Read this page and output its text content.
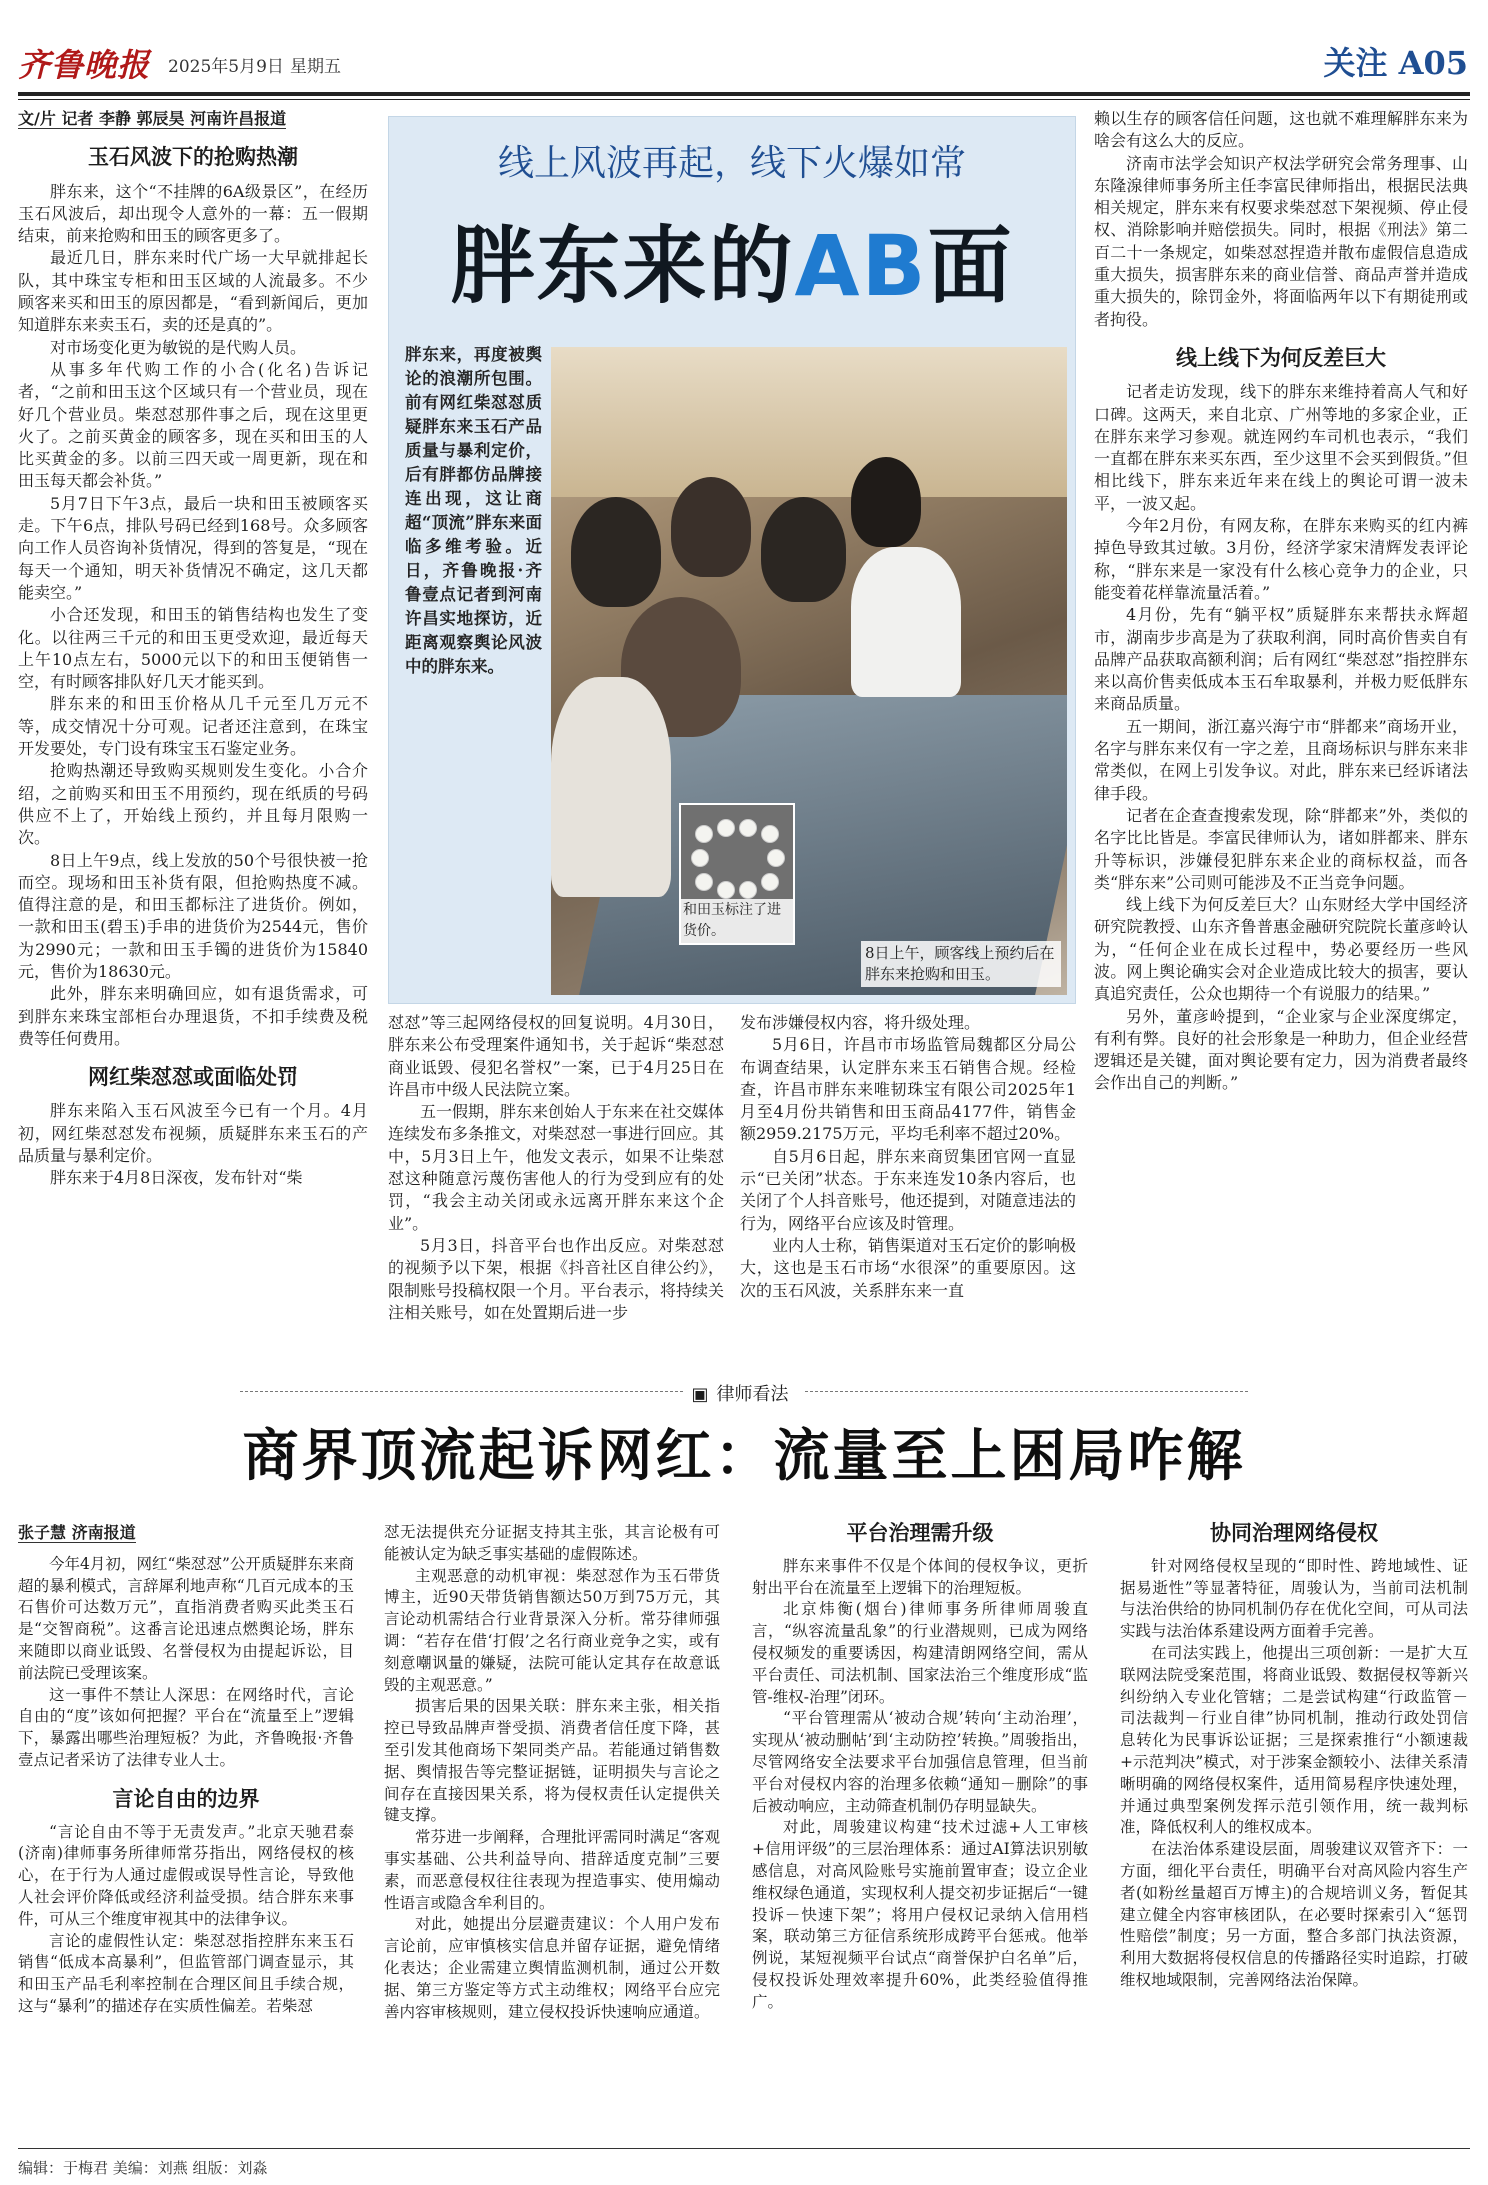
齐鲁晚报 2025年5月9日 星期五	关注 A05
文/片 记者 李静 郭辰昊 河南许昌报道
玉石风波下的抢购热潮

胖东来，这个“不挂牌的6A级景区”，在经历玉石风波后，却出现令人意外的一幕：五一假期结束，前来抢购和田玉的顾客更多了。

最近几日，胖东来时代广场一大早就排起长队，其中珠宝专柜和田玉区域的人流最多。不少顾客来买和田玉的原因都是，“看到新闻后，更加知道胖东来卖玉石，卖的还是真的”。

对市场变化更为敏锐的是代购人员。

从事多年代购工作的小合(化名)告诉记者，“之前和田玉这个区域只有一个营业员，现在好几个营业员。柴怼怼那件事之后，现在这里更火了。之前买黄金的顾客多，现在买和田玉的人比买黄金的多。以前三四天或一周更新，现在和田玉每天都会补货。”

5月7日下午3点，最后一块和田玉被顾客买走。下午6点，排队号码已经到168号。众多顾客向工作人员咨询补货情况，得到的答复是，“现在每天一个通知，明天补货情况不确定，这几天都能卖空。”

小合还发现，和田玉的销售结构也发生了变化。以往两三千元的和田玉更受欢迎，最近每天上午10点左右，5000元以下的和田玉便销售一空，有时顾客排队好几天才能买到。

胖东来的和田玉价格从几千元至几万元不等，成交情况十分可观。记者还注意到，在珠宝开发要处，专门设有珠宝玉石鉴定业务。

抢购热潮还导致购买规则发生变化。小合介绍，之前购买和田玉不用预约，现在纸质的号码供应不上了，开始线上预约，并且每月限购一次。

8日上午9点，线上发放的50个号很快被一抢而空。现场和田玉补货有限，但抢购热度不减。值得注意的是，和田玉都标注了进货价。例如，一款和田玉(碧玉)手串的进货价为2544元，售价为2990元；一款和田玉手镯的进货价为15840元，售价为18630元。

此外，胖东来明确回应，如有退货需求，可到胖东来珠宝部柜台办理退货，不扣手续费及税费等任何费用。

网红柴怼怼或面临处罚

胖东来陷入玉石风波至今已有一个月。4月初，网红柴怼怼发布视频，质疑胖东来玉石的产品质量与暴利定价。

胖东来于4月8日深夜，发布针对“柴

线上风波再起，线下火爆如常
胖东来的AB面
胖东来，再度被舆论的浪潮所包围。前有网红柴怼怼质疑胖东来玉石产品质量与暴利定价，后有胖都仿品牌接连出现，这让商超“顶流”胖东来面临多维考验。近日，齐鲁晚报·齐鲁壹点记者到河南许昌实地探访，近距离观察舆论风波中的胖东来。
8日上午，顾客线上预约后在胖东来抢购和田玉。
和田玉标注了进货价。

怼怼”等三起网络侵权的回复说明。4月30日，胖东来公布受理案件通知书，关于起诉“柴怼怼商业诋毁、侵犯名誉权”一案，已于4月25日在许昌市中级人民法院立案。

五一假期，胖东来创始人于东来在社交媒体连续发布多条推文，对柴怼怼一事进行回应。其中，5月3日上午，他发文表示，如果不让柴怼怼这种随意污蔑伤害他人的行为受到应有的处罚，“我会主动关闭或永远离开胖东来这个企业”。

5月3日，抖音平台也作出反应。对柴怼怼的视频予以下架，根据《抖音社区自律公约》，限制账号投稿权限一个月。平台表示，将持续关注相关账号，如在处置期后进一步

发布涉嫌侵权内容，将升级处理。

5月6日，许昌市市场监管局魏都区分局公布调查结果，认定胖东来玉石销售合规。经检查，许昌市胖东来唯韧珠宝有限公司2025年1月至4月份共销售和田玉商品4177件，销售金额2959.2175万元，平均毛利率不超过20%。

自5月6日起，胖东来商贸集团官网一直显示“已关闭”状态。于东来连发10条内容后，也关闭了个人抖音账号，他还提到，对随意违法的行为，网络平台应该及时管理。

业内人士称，销售渠道对玉石定价的影响极大，这也是玉石市场“水很深”的重要原因。这次的玉石风波，关系胖东来一直

赖以生存的顾客信任问题，这也就不难理解胖东来为啥会有这么大的反应。

济南市法学会知识产权法学研究会常务理事、山东隆湶律师事务所主任李富民律师指出，根据民法典相关规定，胖东来有权要求柴怼怼下架视频、停止侵权、消除影响并赔偿损失。同时，根据《刑法》第二百二十一条规定，如柴怼怼捏造并散布虚假信息造成重大损失，损害胖东来的商业信誉、商品声誉并造成重大损失的，除罚金外，将面临两年以下有期徒刑或者拘役。

线上线下为何反差巨大

记者走访发现，线下的胖东来维持着高人气和好口碑。这两天，来自北京、广州等地的多家企业，正在胖东来学习参观。就连网约车司机也表示，“我们一直都在胖东来买东西，至少这里不会买到假货。”但相比线下，胖东来近年来在线上的舆论可谓一波未平，一波又起。

今年2月份，有网友称，在胖东来购买的红内裤掉色导致其过敏。3月份，经济学家宋清辉发表评论称，“胖东来是一家没有什么核心竞争力的企业，只能变着花样靠流量活着。”

4月份，先有“躺平权”质疑胖东来帮扶永辉超市，湖南步步高是为了获取利润，同时高价售卖自有品牌产品获取高额利润；后有网红“柴怼怼”指控胖东来以高价售卖低成本玉石牟取暴利，并极力贬低胖东来商品质量。

五一期间，浙江嘉兴海宁市“胖都来”商场开业，名字与胖东来仅有一字之差，且商场标识与胖东来非常类似，在网上引发争议。对此，胖东来已经诉诸法律手段。

记者在企查查搜索发现，除“胖都来”外，类似的名字比比皆是。李富民律师认为，诸如胖都来、胖东升等标识，涉嫌侵犯胖东来企业的商标权益，而各类“胖东来”公司则可能涉及不正当竞争问题。

线上线下为何反差巨大？山东财经大学中国经济研究院教授、山东齐鲁普惠金融研究院院长董彦岭认为，“任何企业在成长过程中，势必要经历一些风波。网上舆论确实会对企业造成比较大的损害，要认真追究责任，公众也期待一个有说服力的结果。”

另外，董彦岭提到，“企业家与企业深度绑定，有利有弊。良好的社会形象是一种助力，但企业经营逻辑还是关键，面对舆论要有定力，因为消费者最终会作出自己的判断。”

▣ 律师看法
商界顶流起诉网红：流量至上困局咋解
张子慧 济南报道

今年4月初，网红“柴怼怼”公开质疑胖东来商超的暴利模式，言辞犀利地声称“几百元成本的玉石售价可达数万元”，直指消费者购买此类玉石是“交智商税”。这番言论迅速点燃舆论场，胖东来随即以商业诋毁、名誉侵权为由提起诉讼，目前法院已受理该案。

这一事件不禁让人深思：在网络时代，言论自由的“度”该如何把握？平台在“流量至上”逻辑下，暴露出哪些治理短板？为此，齐鲁晚报·齐鲁壹点记者采访了法律专业人士。

言论自由的边界

“言论自由不等于无责发声。”北京天驰君泰(济南)律师事务所律师常芬指出，网络侵权的核心，在于行为人通过虚假或误导性言论，导致他人社会评价降低或经济利益受损。结合胖东来事件，可从三个维度审视其中的法律争议。

言论的虚假性认定：柴怼怼指控胖东来玉石销售“低成本高暴利”，但监管部门调查显示，其和田玉产品毛利率控制在合理区间且手续合规，这与“暴利”的描述存在实质性偏差。若柴怼

怼无法提供充分证据支持其主张，其言论极有可能被认定为缺乏事实基础的虚假陈述。

主观恶意的动机审视：柴怼怼作为玉石带货博主，近90天带货销售额达50万到75万元，其言论动机需结合行业背景深入分析。常芬律师强调：“若存在借‘打假’之名行商业竞争之实，或有刻意嘲讽量的嫌疑，法院可能认定其存在故意诋毁的主观恶意。”

损害后果的因果关联：胖东来主张，相关指控已导致品牌声誉受损、消费者信任度下降，甚至引发其他商场下架同类产品。若能通过销售数据、舆情报告等完整证据链，证明损失与言论之间存在直接因果关系，将为侵权责任认定提供关键支撑。

常芬进一步阐释，合理批评需同时满足“客观事实基础、公共利益导向、措辞适度克制”三要素，而恶意侵权往往表现为捏造事实、使用煽动性语言或隐含牟利目的。

对此，她提出分层避责建议：个人用户发布言论前，应审慎核实信息并留存证据，避免情绪化表达；企业需建立舆情监测机制，通过公开数据、第三方鉴定等方式主动维权；网络平台应完善内容审核规则，建立侵权投诉快速响应通道。

平台治理需升级

胖东来事件不仅是个体间的侵权争议，更折射出平台在流量至上逻辑下的治理短板。

北京炜衡(烟台)律师事务所律师周骏直言，“纵容流量乱象”的行业潜规则，已成为网络侵权频发的重要诱因，构建清朗网络空间，需从平台责任、司法机制、国家法治三个维度形成“监管-维权-治理”闭环。

“平台管理需从‘被动合规’转向‘主动治理’，实现从‘被动删帖’到‘主动防控’转换。”周骏指出，尽管网络安全法要求平台加强信息管理，但当前平台对侵权内容的治理多依赖“通知－删除”的事后被动响应，主动筛查机制仍存明显缺失。

对此，周骏建议构建“技术过滤+人工审核+信用评级”的三层治理体系：通过AI算法识别敏感信息，对高风险账号实施前置审查；设立企业维权绿色通道，实现权利人提交初步证据后“一键投诉－快速下架”；将用户侵权记录纳入信用档案，联动第三方征信系统形成跨平台惩戒。他举例说，某短视频平台试点“商誉保护白名单”后，侵权投诉处理效率提升60%，此类经验值得推广。

协同治理网络侵权

针对网络侵权呈现的“即时性、跨地域性、证据易逝性”等显著特征，周骏认为，当前司法机制与法治供给的协同机制仍存在优化空间，可从司法实践与法治体系建设两方面着手完善。

在司法实践上，他提出三项创新：一是扩大互联网法院受案范围，将商业诋毁、数据侵权等新兴纠纷纳入专业化管辖；二是尝试构建“行政监管－司法裁判－行业自律”协同机制，推动行政处罚信息转化为民事诉讼证据；三是探索推行“小额速裁+示范判决”模式，对于涉案金额较小、法律关系清晰明确的网络侵权案件，适用简易程序快速处理，并通过典型案例发挥示范引领作用，统一裁判标准，降低权利人的维权成本。

在法治体系建设层面，周骏建议双管齐下：一方面，细化平台责任，明确平台对高风险内容生产者(如粉丝量超百万博主)的合规培训义务，暂促其建立健全内容审核团队，在必要时探索引入“惩罚性赔偿”制度；另一方面，整合多部门执法资源，利用大数据将侵权信息的传播路径实时追踪，打破维权地域限制，完善网络法治保障。

编辑：于梅君 美编：刘燕 组版：刘淼
